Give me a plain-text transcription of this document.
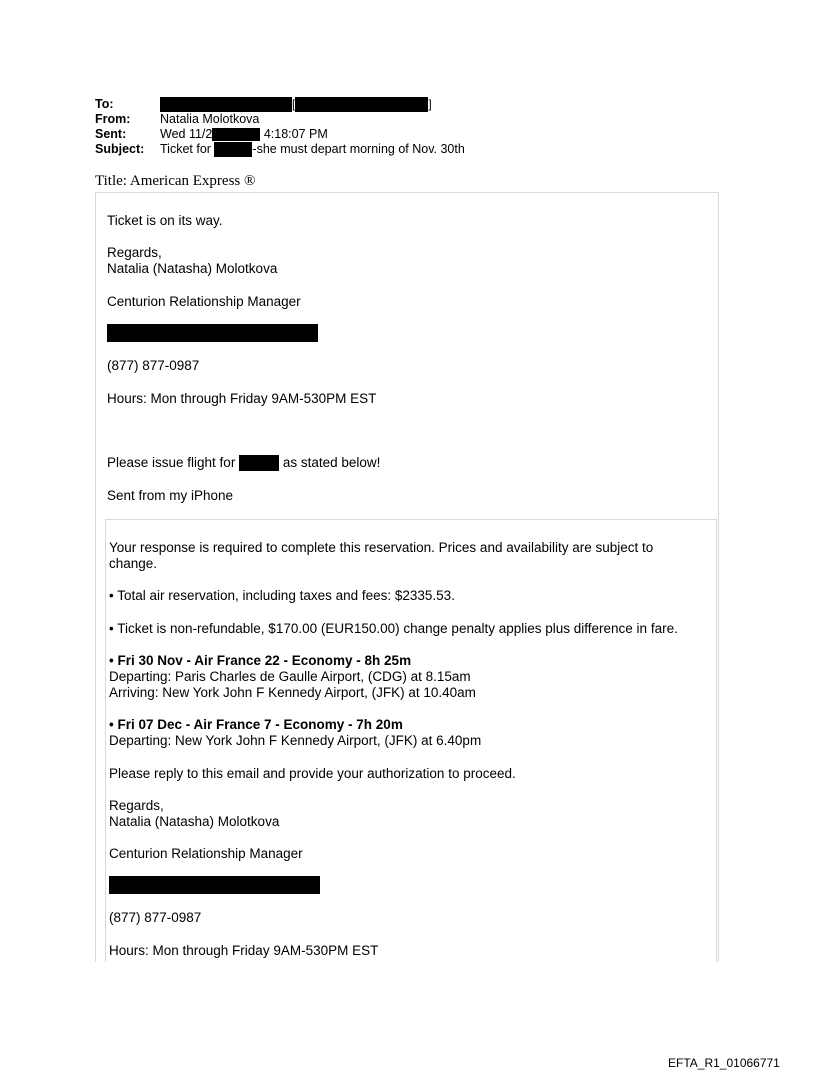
To:	[	]
From:	Natalia Molotkova
Sent:	Wed 11/2	4:18:07 PM
Subject:	Ticket for	-she must depart morning of Nov. 30th
Title: American Express ®
Ticket is on its way.
Regards,
Natalia (Natasha) Molotkova
Centurion Relationship Manager
(877) 877-0987
Hours: Mon through Friday 9AM-530PM EST
Please issue flight for	as stated below!
Sent from my iPhone
Your response is required to complete this reservation. Prices and availability are subject to
change.
• Total air reservation, including taxes and fees: $2335.53.
• Ticket is non-refundable, $170.00 (EUR150.00) change penalty applies plus difference in fare.
• Fri 30 Nov - Air France 22 - Economy - 8h 25m
Departing: Paris Charles de Gaulle Airport, (CDG) at 8.15am
Arriving: New York John F Kennedy Airport, (JFK) at 10.40am
• Fri 07 Dec - Air France 7 - Economy - 7h 20m
Departing: New York John F Kennedy Airport, (JFK) at 6.40pm
Please reply to this email and provide your authorization to proceed.
Regards,
Natalia (Natasha) Molotkova
Centurion Relationship Manager
(877) 877-0987
Hours: Mon through Friday 9AM-530PM EST
EFTA_R1_01066771
